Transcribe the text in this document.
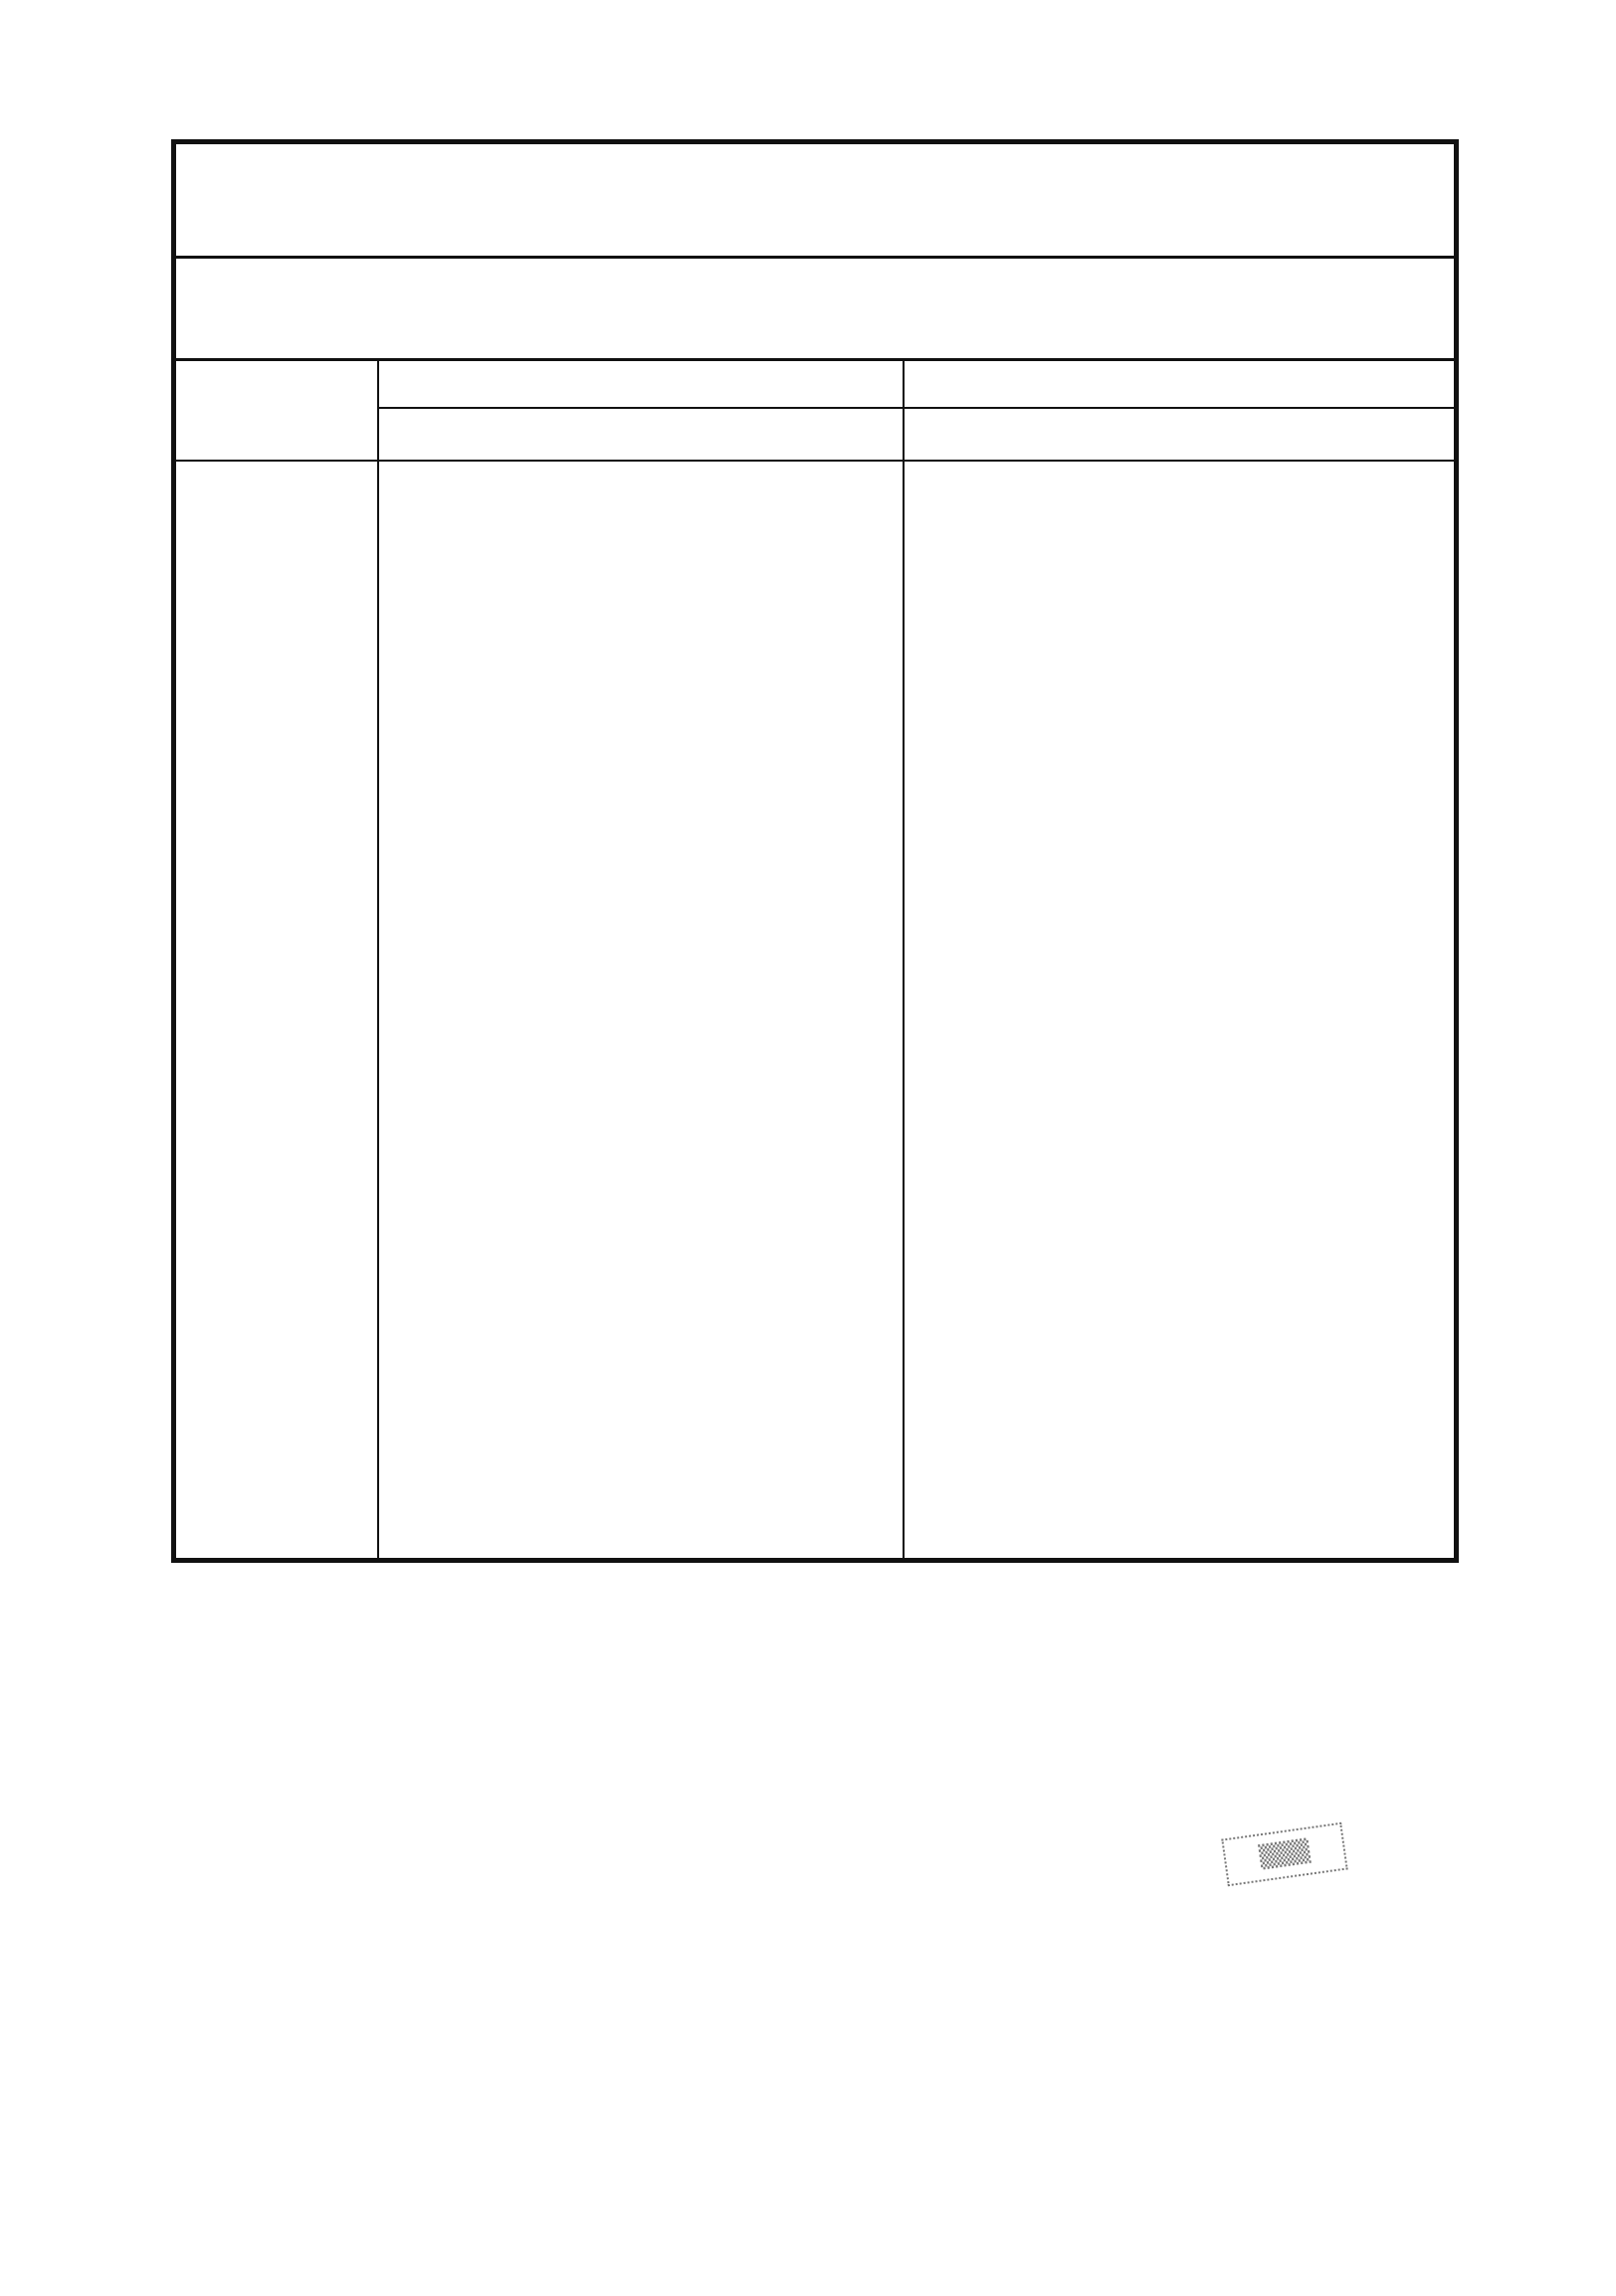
▒▒▒
